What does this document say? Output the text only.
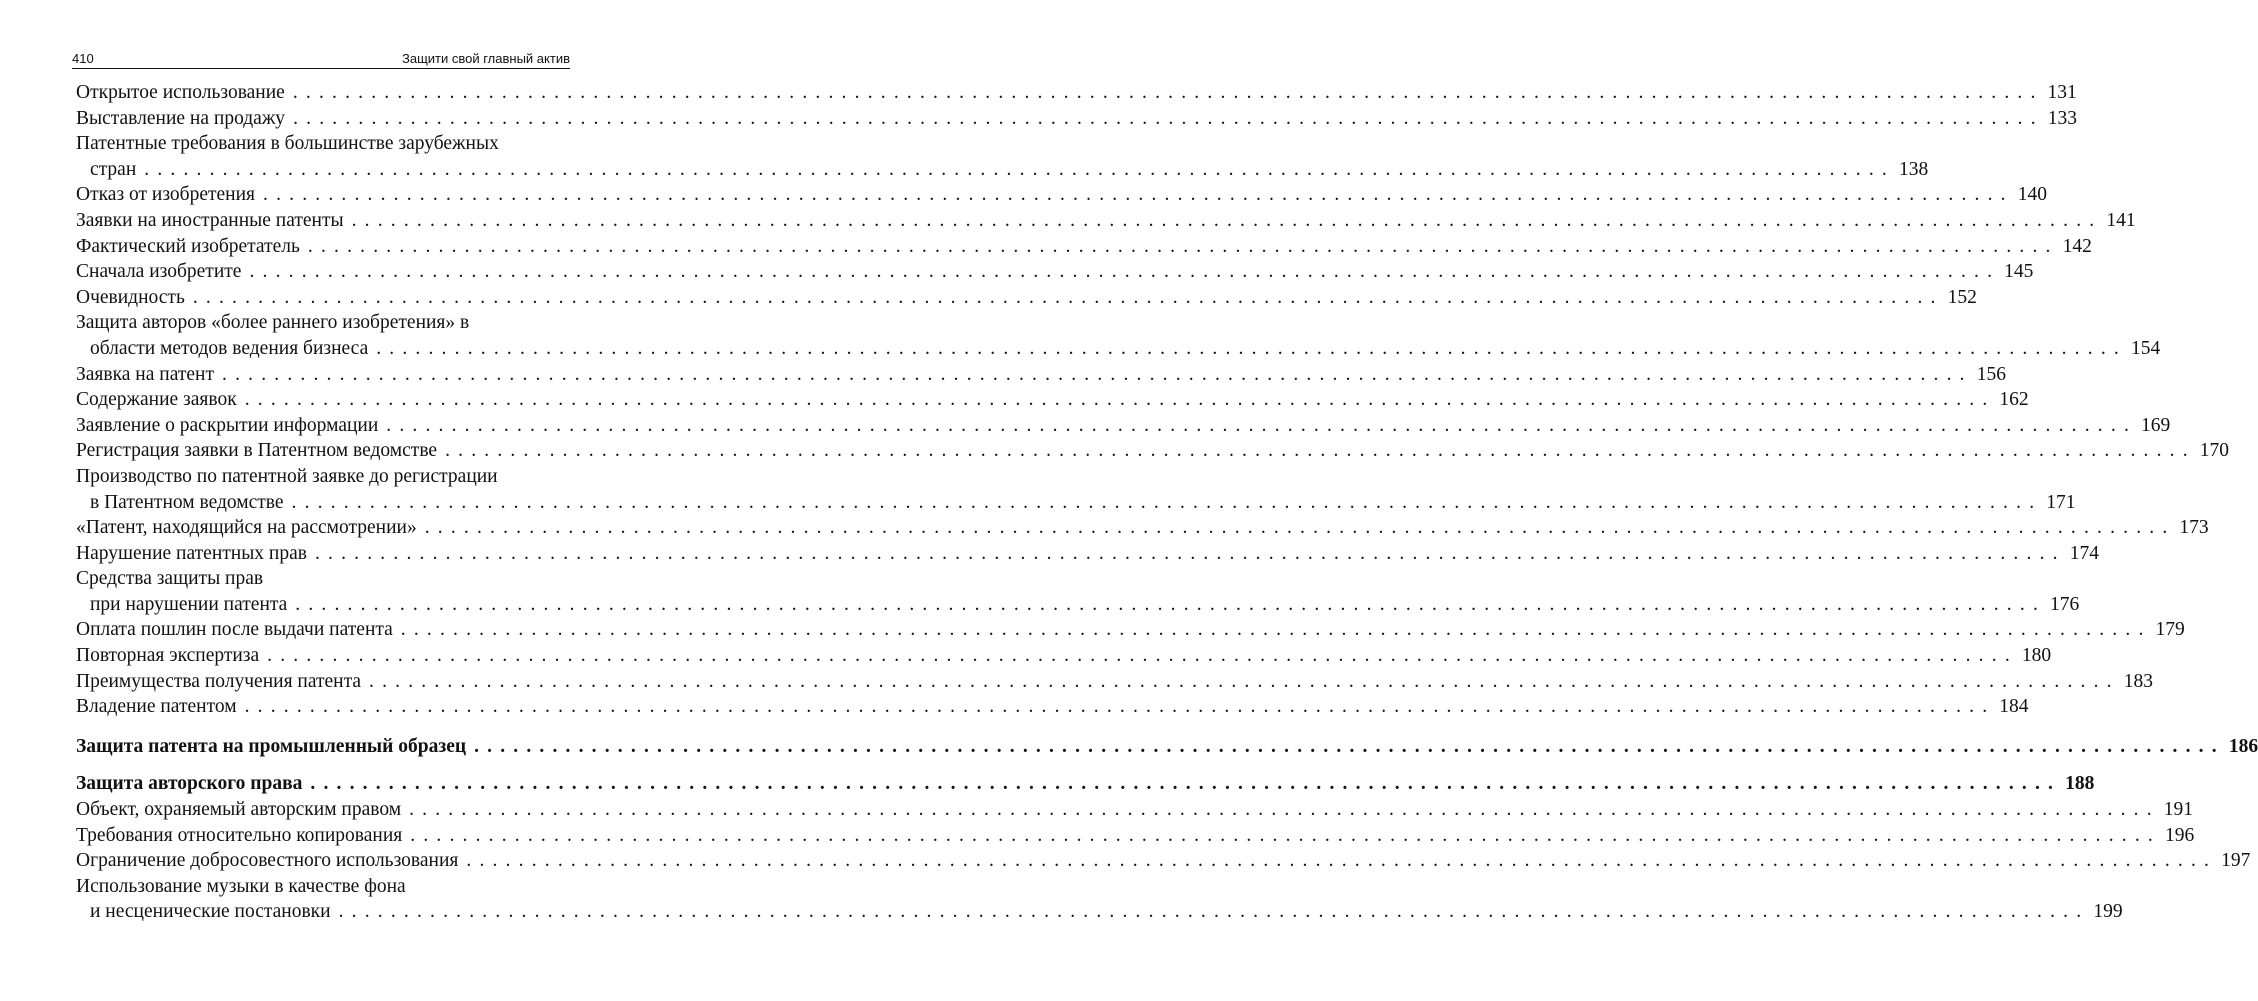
410	Защити свой главный актив
Открытое использование ...................................................................................................................................... 131
Выставление на продажу ...................................................................................................................................... 133
Патентные требования в большинстве зарубежных
стран ...................................................................................................................................... 138
Отказ от изобретения ...................................................................................................................................... 140
Заявки на иностранные патенты ...................................................................................................................................... 141
Фактический изобретатель ...................................................................................................................................... 142
Сначала изобретите ...................................................................................................................................... 145
Очевидность ...................................................................................................................................... 152
Защита авторов «более раннего изобретения» в
области методов ведения бизнеса ...................................................................................................................................... 154
Заявка на патент ...................................................................................................................................... 156
Содержание заявок ...................................................................................................................................... 162
Заявление о раскрытии информации ...................................................................................................................................... 169
Регистрация заявки в Патентном ведомстве ...................................................................................................................................... 170
Производство по патентной заявке до регистрации
в Патентном ведомстве ...................................................................................................................................... 171
«Патент, находящийся на рассмотрении» ...................................................................................................................................... 173
Нарушение патентных прав ...................................................................................................................................... 174
Средства защиты прав
при нарушении патента ...................................................................................................................................... 176
Оплата пошлин после выдачи патента ...................................................................................................................................... 179
Повторная экспертиза ...................................................................................................................................... 180
Преимущества получения патента ...................................................................................................................................... 183
Владение патентом ...................................................................................................................................... 184
Защита патента на промышленный образец ...................................................................................................................................... 186
Защита авторского права ...................................................................................................................................... 188
Объект, охраняемый авторским правом ...................................................................................................................................... 191
Требования относительно копирования ...................................................................................................................................... 196
Ограничение добросовестного использования ...................................................................................................................................... 197
Использование музыки в качестве фона
и несценические постановки ...................................................................................................................................... 199
